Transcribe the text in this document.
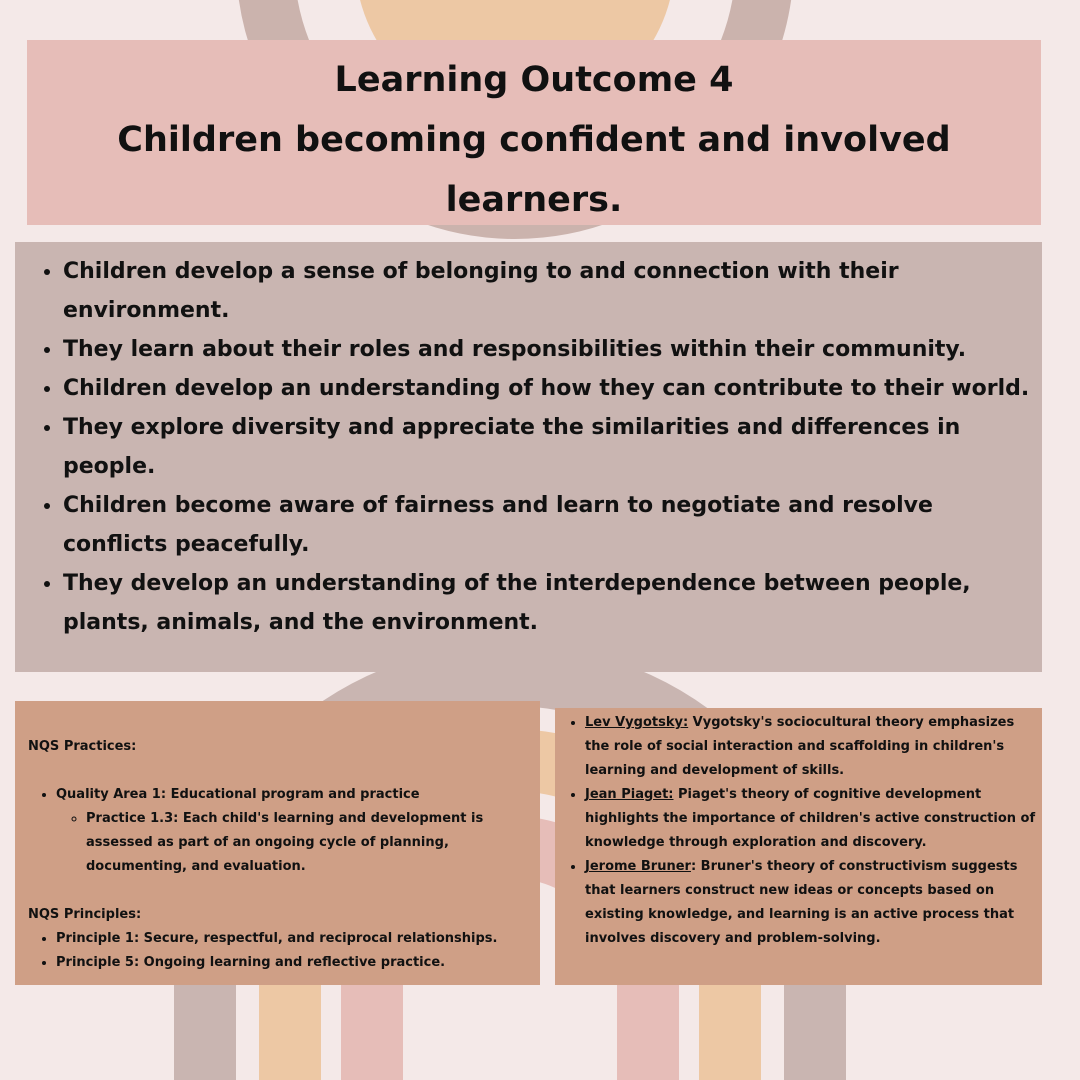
Learning Outcome 4

Children becoming confident and involved

learners.

• Children develop a sense of belonging to and connection with their environment.
• They learn about their roles and responsibilities within their community.
• Children develop an understanding of how they can contribute to their world.
• They explore diversity and appreciate the similarities and differences in people.
• Children become aware of fairness and learn to negotiate and resolve conflicts peacefully.
• They develop an understanding of the interdependence between people, plants, animals, and the environment.

NQS Practices:

• Quality Area 1: Educational program and practice
◦ Practice 1.3: Each child's learning and development is assessed as part of an ongoing cycle of planning, documenting, and evaluation.

NQS Principles:

• Principle 1: Secure, respectful, and reciprocal relationships.
• Principle 5: Ongoing learning and reflective practice.
• Lev Vygotsky: Vygotsky's sociocultural theory emphasizes the role of social interaction and scaffolding in children's learning and development of skills.
• Jean Piaget: Piaget's theory of cognitive development highlights the importance of children's active construction of knowledge through exploration and discovery.
• Jerome Bruner: Bruner's theory of constructivism suggests that learners construct new ideas or concepts based on existing knowledge, and learning is an active process that involves discovery and problem-solving.
